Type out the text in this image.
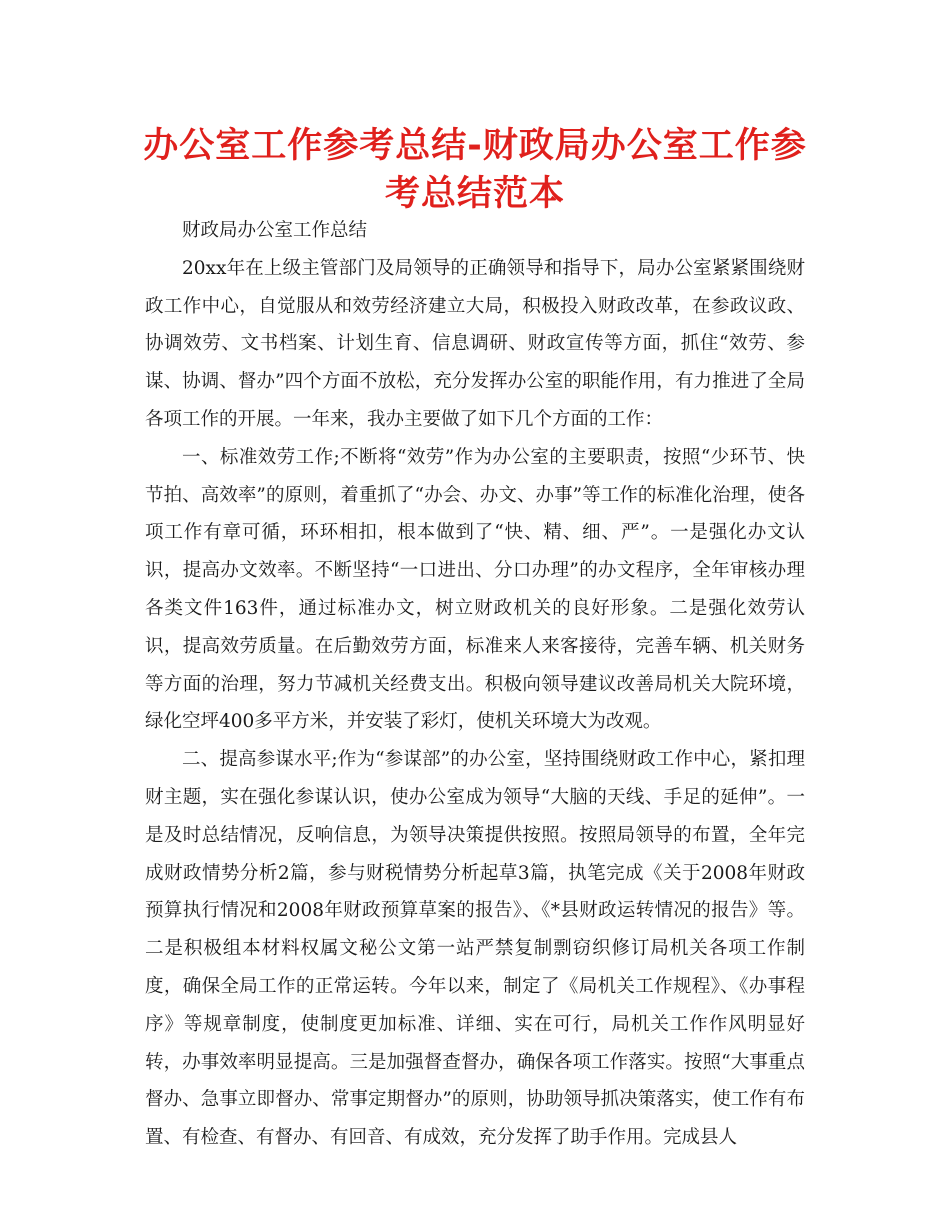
办公室工作参考总结-财政局办公室工作参考总结范本

财政局办公室工作总结

20xx年在上级主管部门及局领导的正确领导和指导下，局办公室紧紧围绕财政工作中心，自觉服从和效劳经济建立大局，积极投入财政改革，在参政议政、协调效劳、文书档案、计划生育、信息调研、财政宣传等方面，抓住“效劳、参谋、协调、督办”四个方面不放松，充分发挥办公室的职能作用，有力推进了全局各项工作的开展。一年来，我办主要做了如下几个方面的工作：

一、标准效劳工作;不断将“效劳”作为办公室的主要职责，按照“少环节、快节拍、高效率”的原则，着重抓了“办会、办文、办事”等工作的标准化治理，使各项工作有章可循，环环相扣，根本做到了“快、精、细、严”。一是强化办文认识，提高办文效率。不断坚持“一口进出、分口办理”的办文程序，全年审核办理各类文件163件，通过标准办文，树立财政机关的良好形象。二是强化效劳认识，提高效劳质量。在后勤效劳方面，标准来人来客接待，完善车辆、机关财务等方面的治理，努力节减机关经费支出。积极向领导建议改善局机关大院环境，绿化空坪400多平方米，并安装了彩灯，使机关环境大为改观。

二、提高参谋水平;作为“参谋部”的办公室，坚持围绕财政工作中心，紧扣理财主题，实在强化参谋认识，使办公室成为领导“大脑的天线、手足的延伸”。一是及时总结情况，反响信息，为领导决策提供按照。按照局领导的布置，全年完成财政情势分析2篇，参与财税情势分析起草3篇，执笔完成《关于2008年财政预算执行情况和2008年财政预算草案的报告》、《*县财政运转情况的报告》等。二是积极组本材料权属文秘公文第一站严禁复制剽窃织修订局机关各项工作制度，确保全局工作的正常运转。今年以来，制定了《局机关工作规程》、《办事程序》等规章制度，使制度更加标准、详细、实在可行，局机关工作作风明显好转，办事效率明显提高。三是加强督查督办，确保各项工作落实。按照“大事重点督办、急事立即督办、常事定期督办”的原则，协助领导抓决策落实，使工作有布置、有检查、有督办、有回音、有成效，充分发挥了助手作用。完成县人
